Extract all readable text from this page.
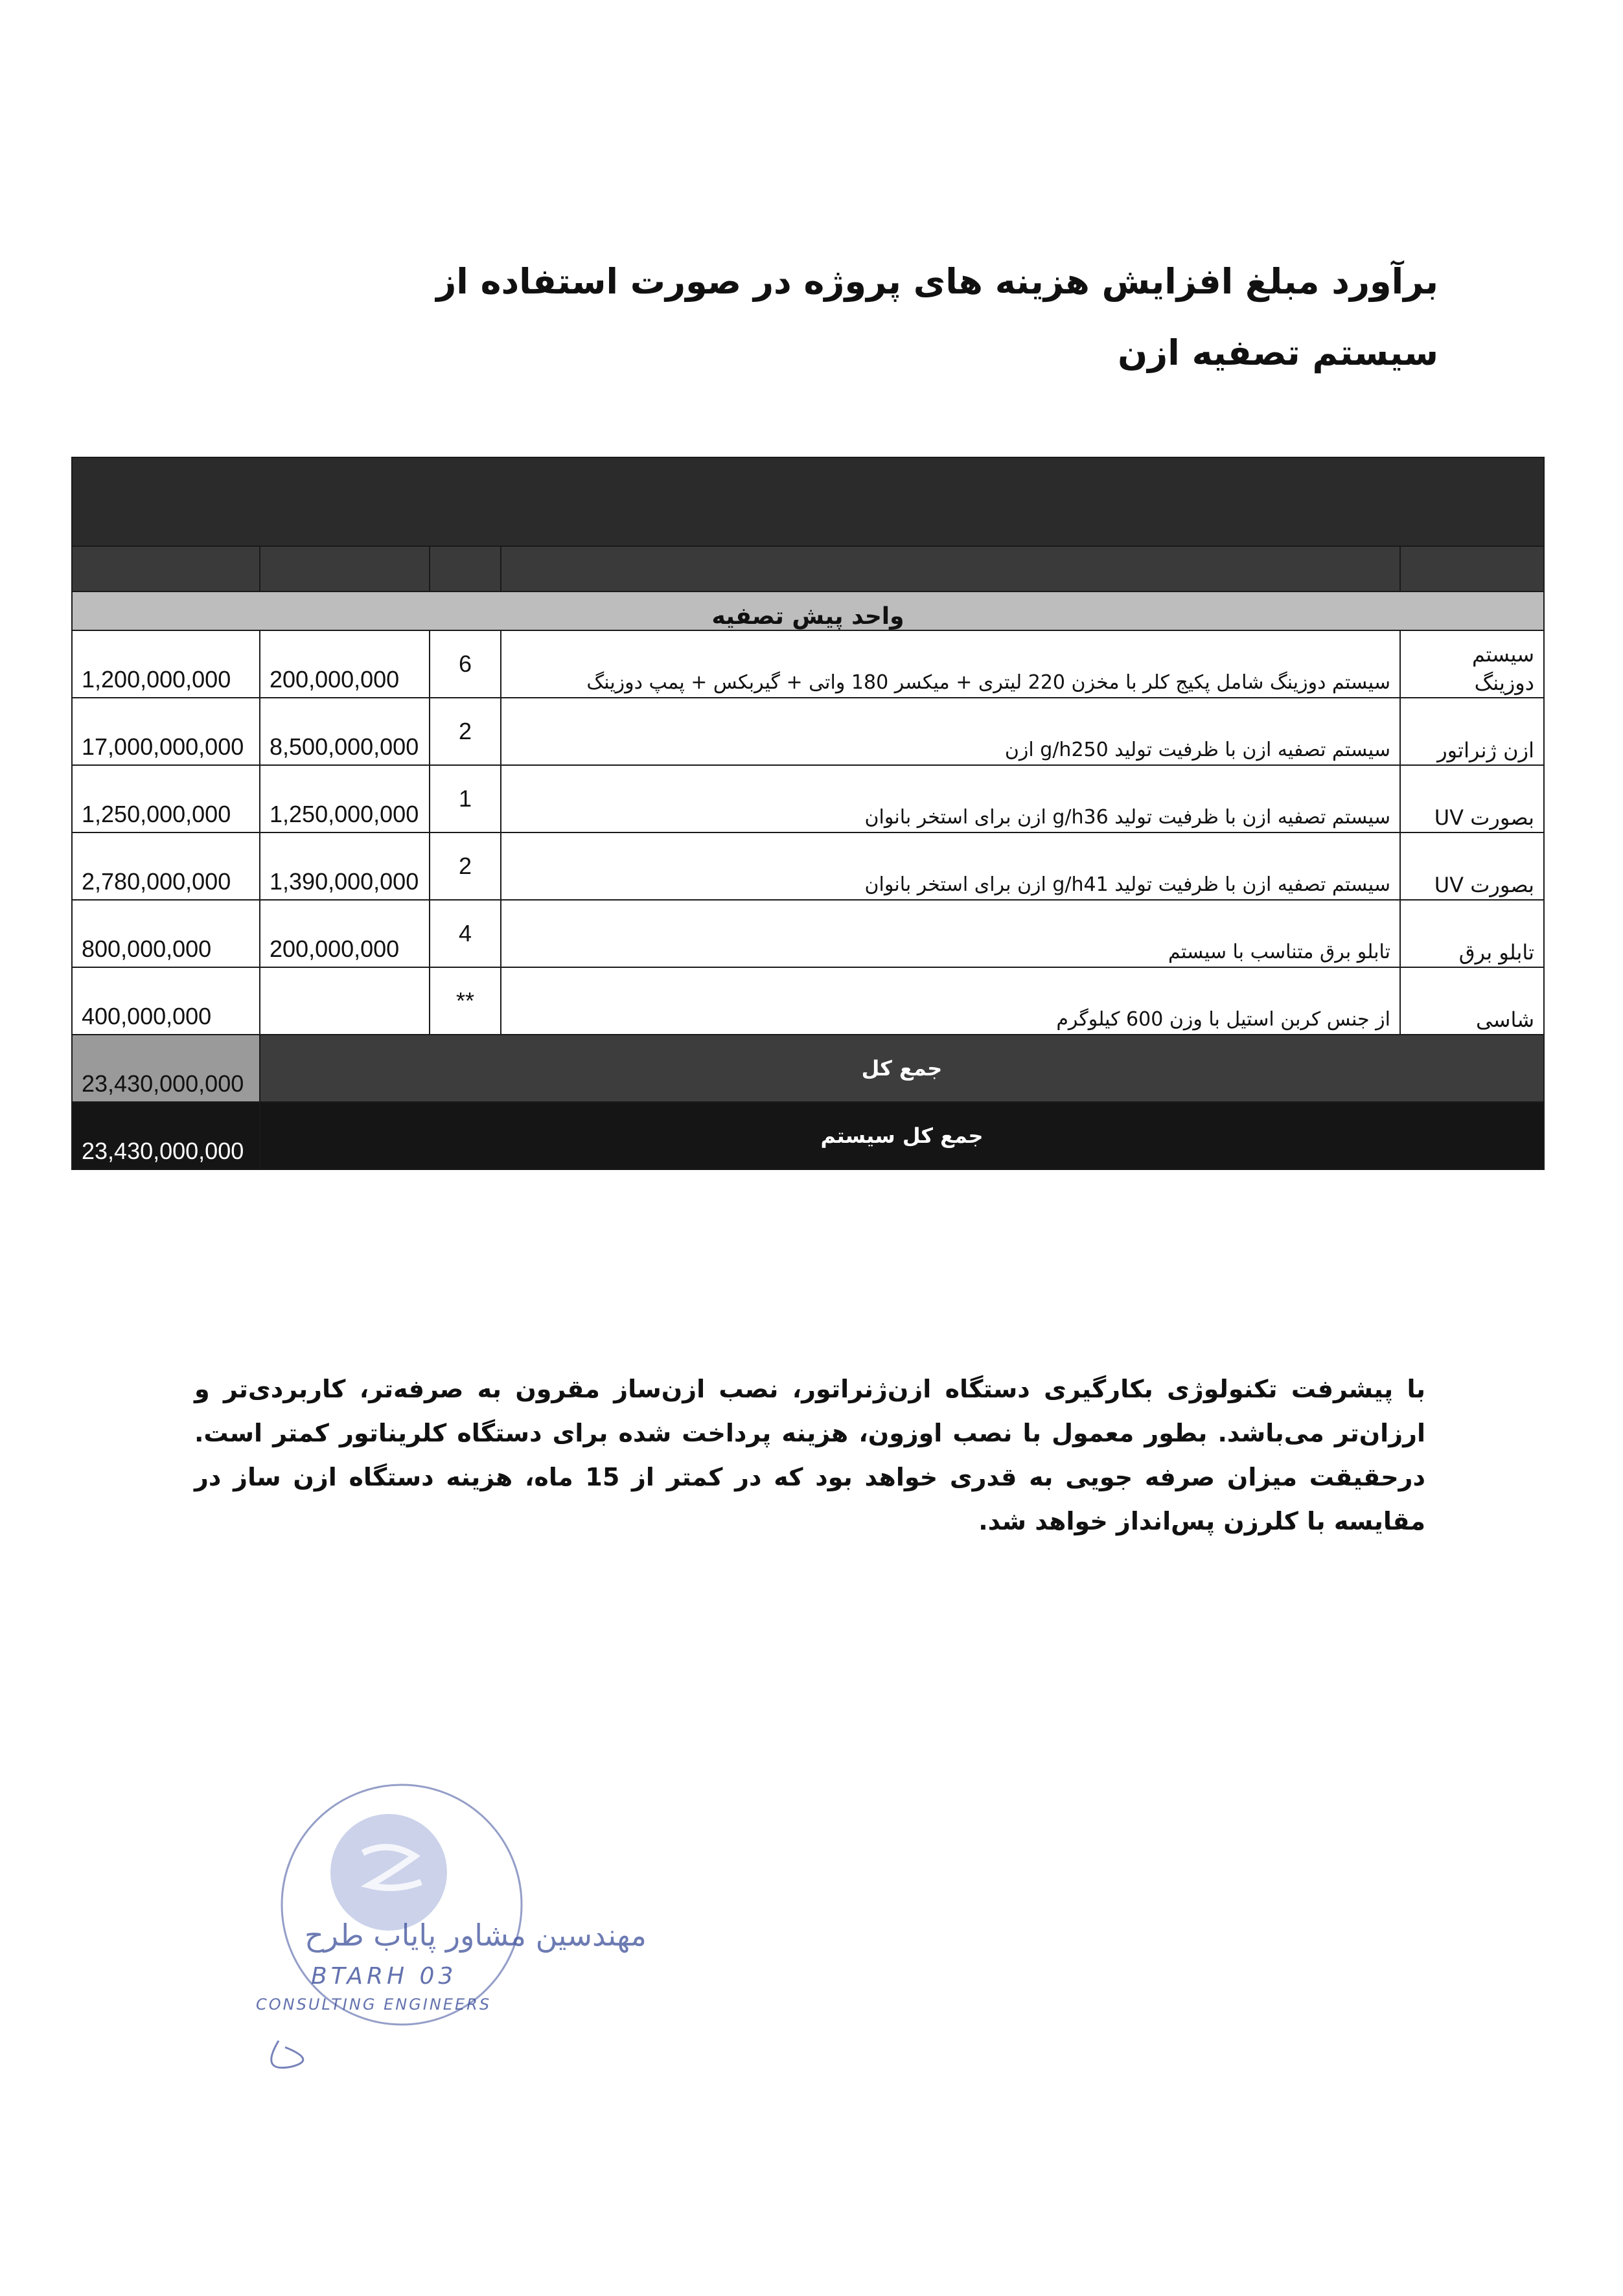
برآورد مبلغ افزایش هزینه های پروژه در صورت استفاده از سیستم تصفیه ازن

واحد پیش تصفیه				
1,200,000,000	200,000,000	6	سیستم دوزینگ شامل پکیج کلر با مخزن 220 لیتری + میکسر 180 واتی + گیربکس + پمپ دوزینگ	سیستم دوزینگ
17,000,000,000	8,500,000,000	2	سیستم تصفیه ازن با ظرفیت تولید g/h250 ازن	ازن ژنراتور
1,250,000,000	1,250,000,000	1	سیستم تصفیه ازن با ظرفیت تولید g/h36 ازن برای استخر بانوان	بصورت UV
2,780,000,000	1,390,000,000	2	سیستم تصفیه ازن با ظرفیت تولید g/h41 ازن برای استخر بانوان	بصورت UV
800,000,000	200,000,000	4	تابلو برق متناسب با سیستم	تابلو برق
400,000,000		**	از جنس کربن استیل با وزن 600 کیلوگرم	شاسی
23,430,000,000	جمع کل			
23,430,000,000	جمع کل سیستم			
با پیشرفت تکنولوژی بکارگیری دستگاه ازن‌ژنراتور، نصب ازن‌ساز مقرون به صرفه‌تر، کاربردی‌تر و ارزان‌تر می‌باشد. بطور معمول با نصب اوزون، هزینه پرداخت شده برای دستگاه کلریناتور کمتر است. درحقیقت میزان صرفه جویی به قدری خواهد بود که در کمتر از 15 ماه، هزینه دستگاه ازن ساز در مقایسه با کلرزن پس‌انداز خواهد شد.
مهندسین مشاور پایاب طرح
BTARH 03
CONSULTING ENGINEERS
